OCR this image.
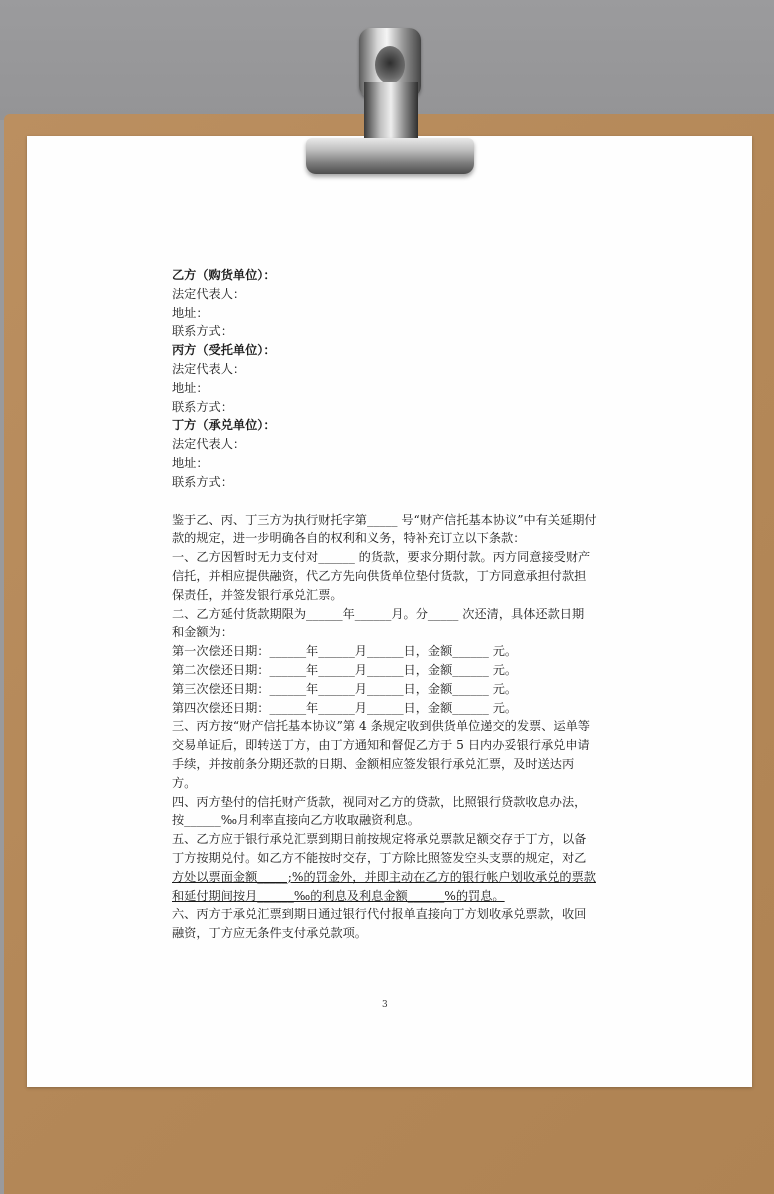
乙方（购货单位）：

法定代表人：

地址：

联系方式：

丙方（受托单位）：

法定代表人：

地址：

联系方式：

丁方（承兑单位）：

法定代表人：

地址：

联系方式：

鉴于乙、丙、丁三方为执行财托字第_____ 号“财产信托基本协议”中有关延期付

款的规定，进一步明确各自的权利和义务，特补充订立以下条款：

一、乙方因暂时无力支付对______ 的货款，要求分期付款。丙方同意接受财产

信托，并相应提供融资，代乙方先向供货单位垫付货款，丁方同意承担付款担

保责任，并签发银行承兑汇票。

二、乙方延付货款期限为______年______月。分_____ 次还清，具体还款日期

和金额为：

第一次偿还日期：______年______月______日，金额______ 元。

第二次偿还日期：______年______月______日，金额______ 元。

第三次偿还日期：______年______月______日，金额______ 元。

第四次偿还日期：______年______月______日，金额______ 元。

三、丙方按“财产信托基本协议”第 4 条规定收到供货单位递交的发票、运单等

交易单证后，即转送丁方，由丁方通知和督促乙方于 5 日内办妥银行承兑申请

手续，并按前条分期还款的日期、金额相应签发银行承兑汇票，及时送达丙

方。

四、丙方垫付的信托财产货款，视同对乙方的贷款，比照银行贷款收息办法，

按______‰月利率直接向乙方收取融资利息。

五、乙方应于银行承兑汇票到期日前按规定将承兑票款足额交存于丁方，以备

丁方按期兑付。如乙方不能按时交存，丁方除比照签发空头支票的规定，对乙

方处以票面金额_____;%的罚金外，并即主动在乙方的银行帐户划收承兑的票款

和延付期间按月______‰的利息及利息金额______%的罚息。

六、丙方于承兑汇票到期日通过银行代付报单直接向丁方划收承兑票款，收回

融资，丁方应无条件支付承兑款项。

3
